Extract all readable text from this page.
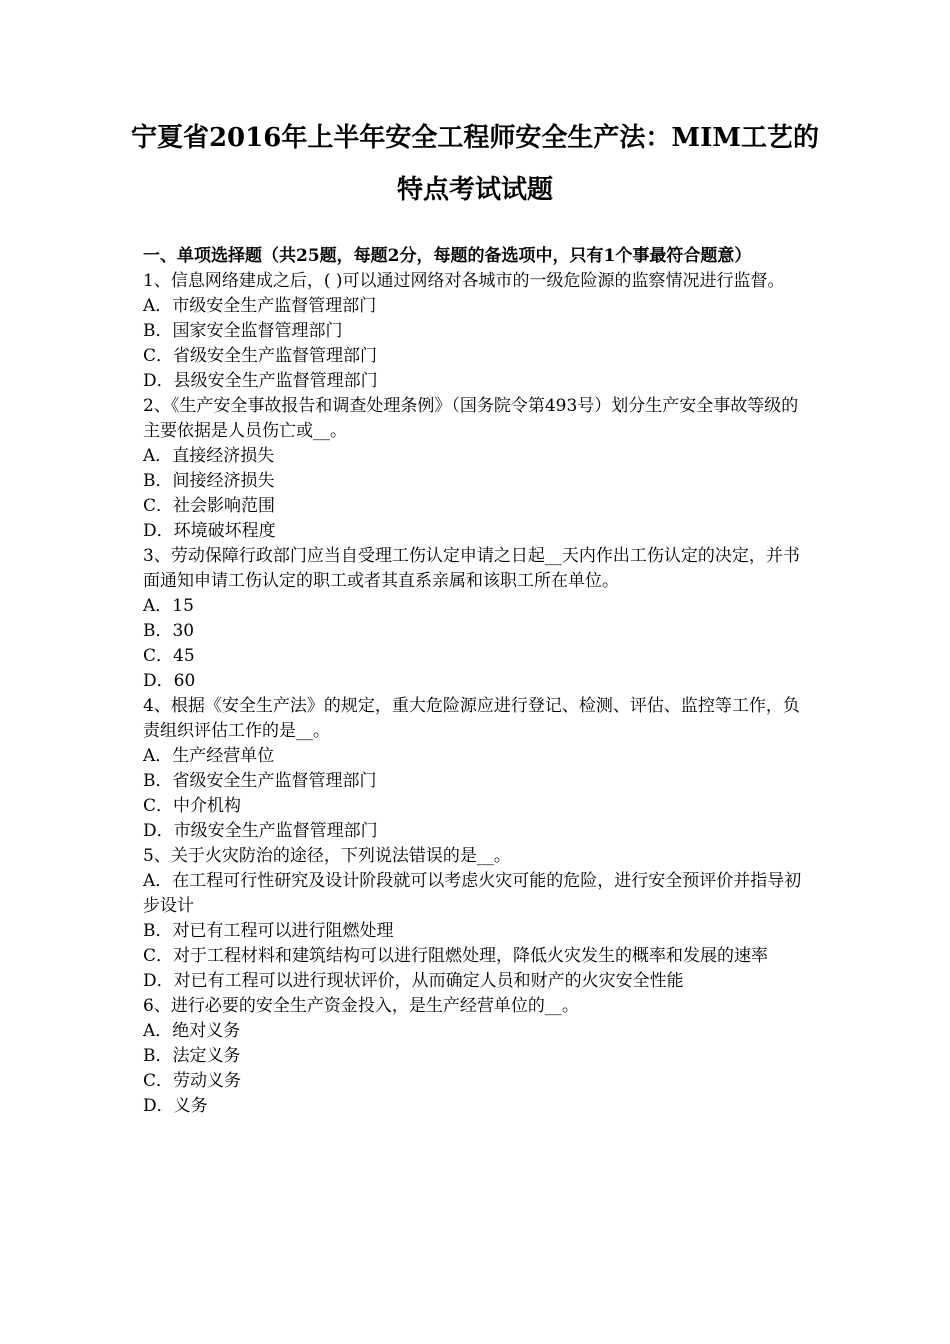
宁夏省2016年上半年安全工程师安全生产法：MIM工艺的
特点考试试题

一、单项选择题（共25题，每题2分，每题的备选项中，只有1个事最符合题意）

1、信息网络建成之后，( )可以通过网络对各城市的一级危险源的监察情况进行监督。

A．市级安全生产监督管理部门

B．国家安全监督管理部门

C．省级安全生产监督管理部门

D．县级安全生产监督管理部门

2、《生产安全事故报告和调查处理条例》（国务院令第493号）划分生产安全事故等级的主要依据是人员伤亡或__。

A．直接经济损失

B．间接经济损失

C．社会影响范围

D．环境破坏程度

3、劳动保障行政部门应当自受理工伤认定申请之日起__天内作出工伤认定的决定，并书面通知申请工伤认定的职工或者其直系亲属和该职工所在单位。

A．15

B．30

C．45

D．60

4、根据《安全生产法》的规定，重大危险源应进行登记、检测、评估、监控等工作，负责组织评估工作的是__。

A．生产经营单位

B．省级安全生产监督管理部门

C．中介机构

D．市级安全生产监督管理部门

5、关于火灾防治的途径，下列说法错误的是__。

A．在工程可行性研究及设计阶段就可以考虑火灾可能的危险，进行安全预评价并指导初步设计

B．对已有工程可以进行阻燃处理

C．对于工程材料和建筑结构可以进行阻燃处理，降低火灾发生的概率和发展的速率

D．对已有工程可以进行现状评价，从而确定人员和财产的火灾安全性能

6、进行必要的安全生产资金投入，是生产经营单位的__。

A．绝对义务

B．法定义务

C．劳动义务

D．义务
